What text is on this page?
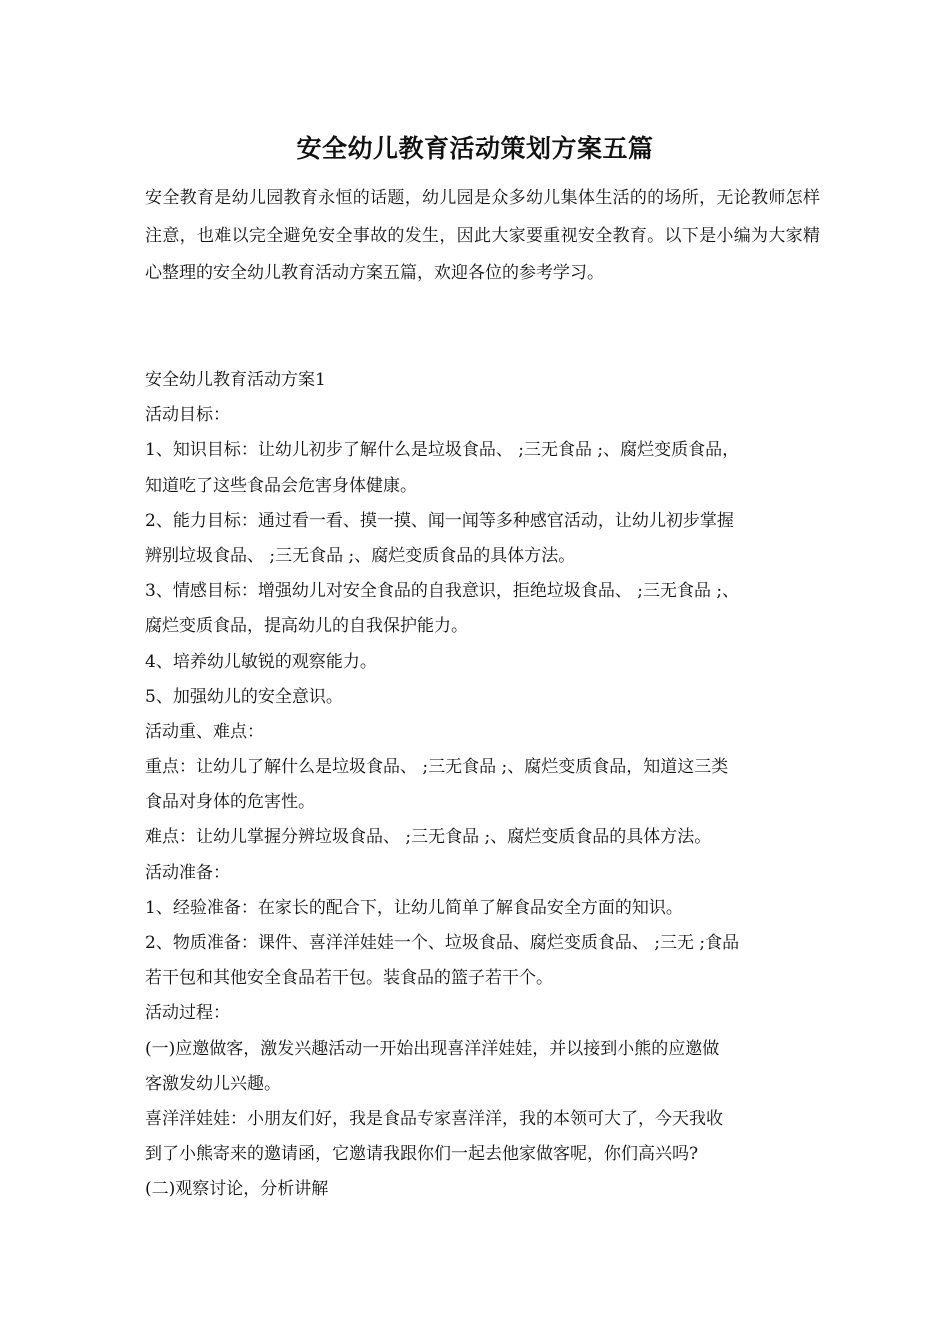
安全幼儿教育活动策划方案五篇

安全教育是幼儿园教育永恒的话题，幼儿园是众多幼儿集体生活的的场所，无论教师怎样注意，也难以完全避免安全事故的发生，因此大家要重视安全教育。以下是小编为大家精心整理的安全幼儿教育活动方案五篇，欢迎各位的参考学习。

安全幼儿教育活动方案1

活动目标：

1、知识目标：让幼儿初步了解什么是垃圾食品、 ;三无食品 ;、腐烂变质食品，

知道吃了这些食品会危害身体健康。

2、能力目标：通过看一看、摸一摸、闻一闻等多种感官活动，让幼儿初步掌握

辨别垃圾食品、 ;三无食品 ;、腐烂变质食品的具体方法。

3、情感目标：增强幼儿对安全食品的自我意识，拒绝垃圾食品、 ;三无食品 ;、

腐烂变质食品，提高幼儿的自我保护能力。

4、培养幼儿敏锐的观察能力。

5、加强幼儿的安全意识。

活动重、难点：

重点：让幼儿了解什么是垃圾食品、 ;三无食品 ;、腐烂变质食品，知道这三类

食品对身体的危害性。

难点：让幼儿掌握分辨垃圾食品、 ;三无食品 ;、腐烂变质食品的具体方法。

活动准备：

1、经验准备：在家长的配合下，让幼儿简单了解食品安全方面的知识。

2、物质准备：课件、喜洋洋娃娃一个、垃圾食品、腐烂变质食品、 ;三无 ;食品

若干包和其他安全食品若干包。装食品的篮子若干个。

活动过程：

(一)应邀做客，激发兴趣活动一开始出现喜洋洋娃娃，并以接到小熊的应邀做

客激发幼儿兴趣。

喜洋洋娃娃：小朋友们好，我是食品专家喜洋洋，我的本领可大了，今天我收

到了小熊寄来的邀请函，它邀请我跟你们一起去他家做客呢，你们高兴吗?

(二)观察讨论，分析讲解
